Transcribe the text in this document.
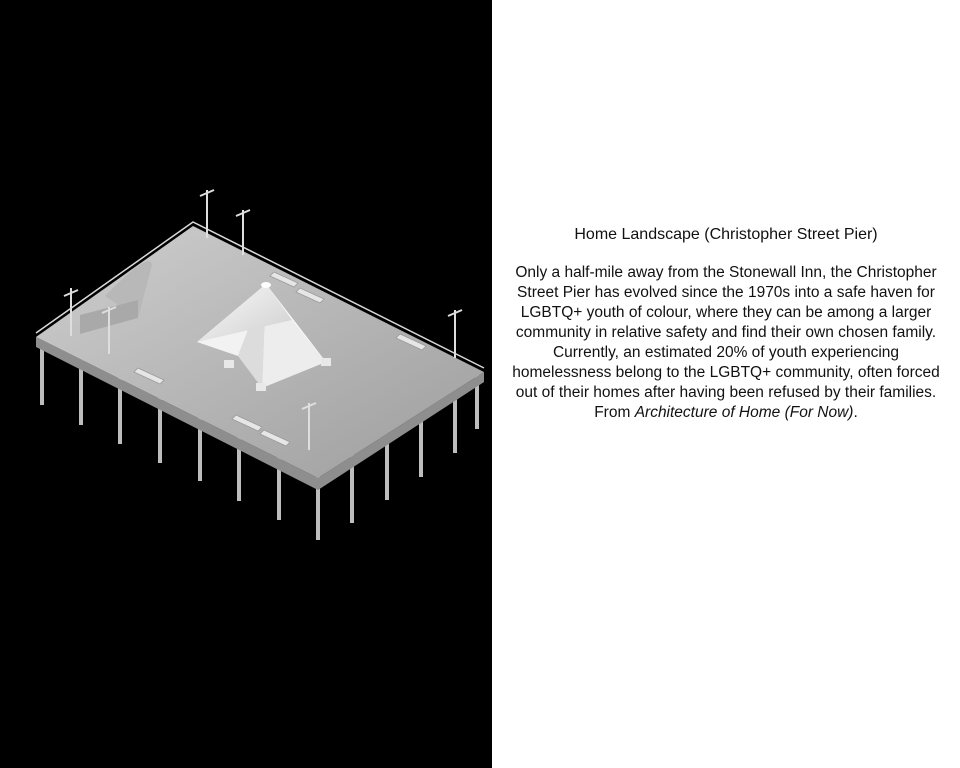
Home Landscape (Christopher Street Pier)

Only a half-mile away from the Stonewall Inn, the Christopher Street Pier has evolved since the 1970s into a safe haven for LGBTQ+ youth of colour, where they can be among a larger community in relative safety and find their own chosen family. Currently, an estimated 20% of youth experiencing homelessness belong to the LGBTQ+ community, often forced out of their homes after having been refused by their families. From Architecture of Home (For Now).
